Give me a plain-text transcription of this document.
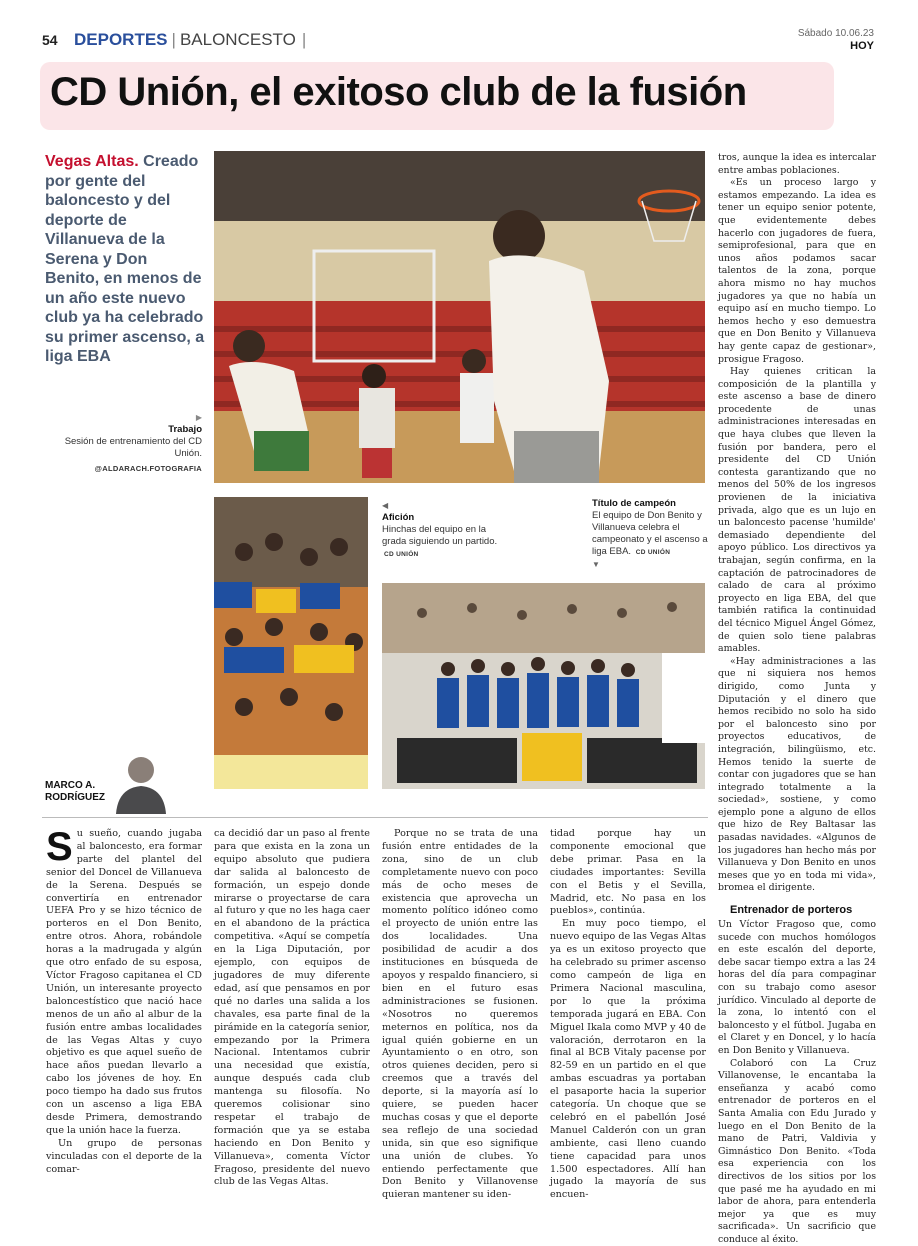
54 DEPORTES | BALONCESTO |	Sábado 10.06.23
HOY
CD Unión, el exitoso club de la fusión
Vegas Altas. Creado por gente del baloncesto y del deporte de Villanueva de la Serena y Don Benito, en menos de un año este nuevo club ya ha celebrado su primer ascenso, a liga EBA
▶
Trabajo
Sesión de entrenamiento del CD Unión.
@ALDARACH.FOTOGRAFIA
◀
Afición
Hinchas del equipo en la grada siguiendo un partido. CD UNIÓN
Título de campeón
El equipo de Don Benito y Villanueva celebra el campeonato y el ascenso a liga EBA. CD UNIÓN
▼
MARCO A.
RODRÍGUEZ

Su sueño, cuando jugaba al baloncesto, era formar parte del plantel del senior del Doncel de Villanueva de la Serena. Después se convertiría en entrenador UEFA Pro y se hizo técnico de porteros en el Don Benito, entre otros. Ahora, robándole horas a la madrugada y algún que otro enfado de su esposa, Víctor Fragoso capitanea el CD Unión, un interesante proyecto baloncestístico que nació hace menos de un año al albur de la fusión entre ambas localidades de las Vegas Altas y cuyo objetivo es que aquel sueño de hace años puedan llevarlo a cabo los jóvenes de hoy. En poco tiempo ha dado sus frutos con un ascenso a liga EBA desde Primera, demostrando que la unión hace la fuerza.

Un grupo de personas vinculadas con el deporte de la comar-

ca decidió dar un paso al frente para que exista en la zona un equipo absoluto que pudiera dar salida al baloncesto de formación, un espejo donde mirarse o proyectarse de cara al futuro y que no les haga caer en el abandono de la práctica competitiva. «Aquí se competía en la Liga Diputación, por ejemplo, con equipos de jugadores de muy diferente edad, así que pensamos en por qué no darles una salida a los chavales, esa parte final de la pirámide en la categoría senior, empezando por la Primera Nacional. Intentamos cubrir una necesidad que existía, aunque después cada club mantenga su filosofía. No queremos colisionar sino respetar el trabajo de formación que ya se estaba haciendo en Don Benito y Villanueva», comenta Víctor Fragoso, presidente del nuevo club de las Vegas Altas.

Porque no se trata de una fusión entre entidades de la zona, sino de un club completamente nuevo con poco más de ocho meses de existencia que aprovecha un momento político idóneo como el proyecto de unión entre las dos localidades. Una posibilidad de acudir a dos instituciones en búsqueda de apoyos y respaldo financiero, si bien en el futuro esas administraciones se fusionen. «Nosotros no queremos meternos en política, nos da igual quién gobierne en un Ayuntamiento o en otro, son otros quienes deciden, pero si creemos que a través del deporte, si la mayoría así lo quiere, se pueden hacer muchas cosas y que el deporte sea reflejo de una sociedad unida, sin que eso signifique una unión de clubes. Yo entiendo perfectamente que Don Benito y Villanovense quieran mantener su iden-

tidad porque hay un componente emocional que debe primar. Pasa en la ciudades importantes: Sevilla con el Betis y el Sevilla, Madrid, etc. No pasa en los pueblos», continúa.

En muy poco tiempo, el nuevo equipo de las Vegas Altas ya es un exitoso proyecto que ha celebrado su primer ascenso como campeón de liga en Primera Nacional masculina, por lo que la próxima temporada jugará en EBA. Con Miguel Ikala como MVP y 40 de valoración, derrotaron en la final al BCB Vitaly pacense por 82-59 en un partido en el que ambas escuadras ya portaban el pasaporte hacia la superior categoría. Un choque que se celebró en el pabellón José Manuel Calderón con un gran ambiente, casi lleno cuando tiene capacidad para unos 1.500 espectadores. Allí han jugado la mayoría de sus encuen-

tros, aunque la idea es intercalar entre ambas poblaciones.

«Es un proceso largo y estamos empezando. La idea es tener un equipo senior potente, que evidentemente debes hacerlo con jugadores de fuera, semiprofesional, para que en unos años podamos sacar talentos de la zona, porque ahora mismo no hay muchos jugadores ya que no había un equipo así en mucho tiempo. Lo hemos hecho y eso demuestra que en Don Benito y Villanueva hay gente capaz de gestionar», prosigue Fragoso.

Hay quienes critican la composición de la plantilla y este ascenso a base de dinero procedente de unas administraciones interesadas en que haya clubes que lleven la fusión por bandera, pero el presidente del CD Unión contesta garantizando que no menos del 50% de los ingresos provienen de la iniciativa privada, algo que es un lujo en un baloncesto pacense 'humilde' demasiado dependiente del apoyo público. Los directivos ya trabajan, según confirma, en la captación de patrocinadores de calado de cara al próximo proyecto en liga EBA, del que también ratifica la continuidad del técnico Miguel Ángel Gómez, de quien solo tiene palabras amables.

«Hay administraciones a las que ni siquiera nos hemos dirigido, como Junta y Diputación y el dinero que hemos recibido no solo ha sido por el baloncesto sino por proyectos educativos, de integración, bilingüismo, etc. Hemos tenido la suerte de contar con jugadores que se han integrado totalmente a la sociedad», sostiene, y como ejemplo pone a alguno de ellos que hizo de Rey Baltasar las pasadas navidades. «Algunos de los jugadores han hecho más por Villanueva y Don Benito en unos meses que yo en toda mi vida», bromea el dirigente.

Entrenador de porteros

Un Víctor Fragoso que, como sucede con muchos homólogos en este escalón del deporte, debe sacar tiempo extra a las 24 horas del día para compaginar con su trabajo como asesor jurídico. Vinculado al deporte de la zona, lo intentó con el baloncesto y el fútbol. Jugaba en el Claret y en Doncel, y lo hacía en Don Benito y Villanueva.

Colaboró con La Cruz Villanovense, le encantaba la enseñanza y acabó como entrenador de porteros en el Santa Amalia con Edu Jurado y luego en el Don Benito de la mano de Patri, Valdivia y Gimnástico Don Benito. «Toda esa experiencia con los directivos de los sitios por los que pasé me ha ayudado en mi labor de ahora, para entenderla mejor ya que es muy sacrificada». Un sacrificio que conduce al éxito.
